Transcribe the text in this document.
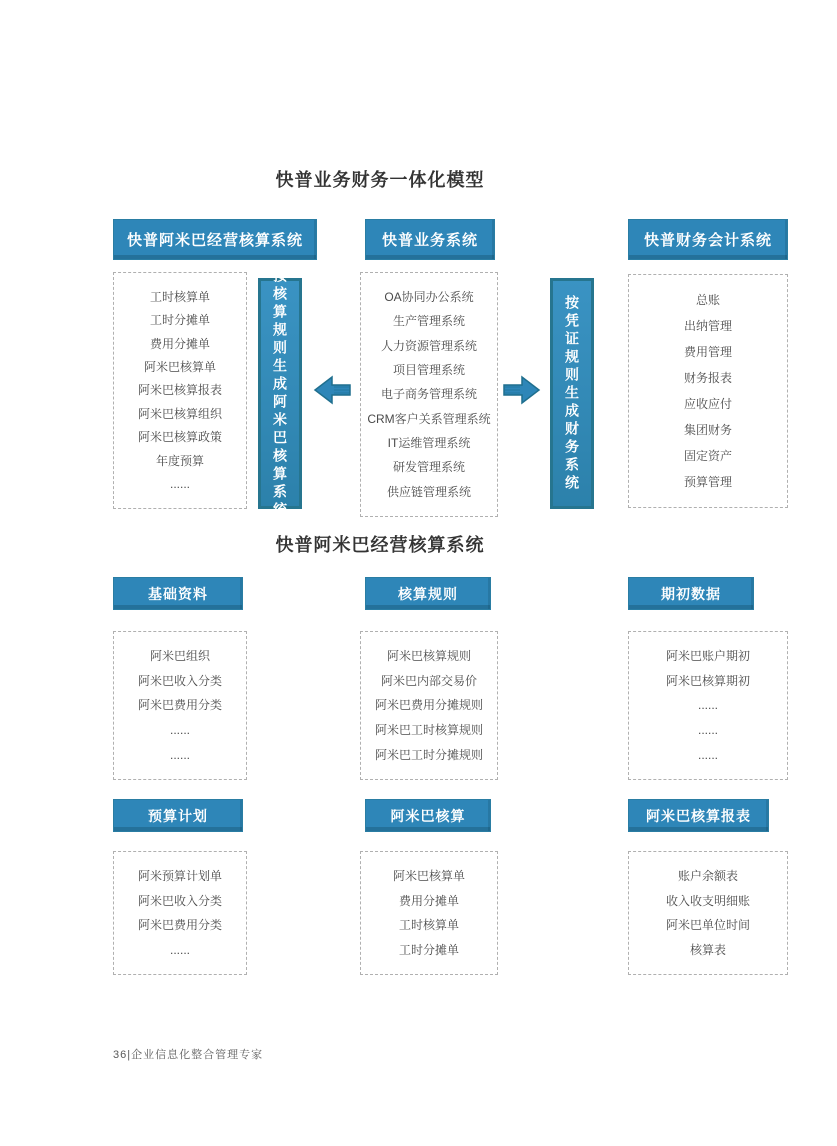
快普业务财务一体化模型
快普阿米巴经营核算系统	快普业务系统	快普财务会计系统
工时核算单
工时分摊单
费用分摊单
阿米巴核算单
阿米巴核算报表
阿米巴核算组织
阿米巴核算政策
年度预算
......
OA协同办公系统
生产管理系统
人力资源管理系统
项目管理系统
电子商务管理系统
CRM客户关系管理系统
IT运维管理系统
研发管理系统
供应链管理系统
总账
出纳管理
费用管理
财务报表
应收应付
集团财务
固定资产
预算管理
按核算规则生成阿米巴核算系统	按凭证规则生成财务系统
快普阿米巴经营核算系统
基础资料	核算规则	期初数据
阿米巴组织
阿米巴收入分类
阿米巴费用分类
......
......
阿米巴核算规则
阿米巴内部交易价
阿米巴费用分摊规则
阿米巴工时核算规则
阿米巴工时分摊规则
阿米巴账户期初
阿米巴核算期初
......
......
......
预算计划	阿米巴核算	阿米巴核算报表
阿米预算计划单
阿米巴收入分类
阿米巴费用分类
......
阿米巴核算单
费用分摊单
工时核算单
工时分摊单
账户余额表
收入收支明细账
阿米巴单位时间
核算表
36|企业信息化整合管理专家
